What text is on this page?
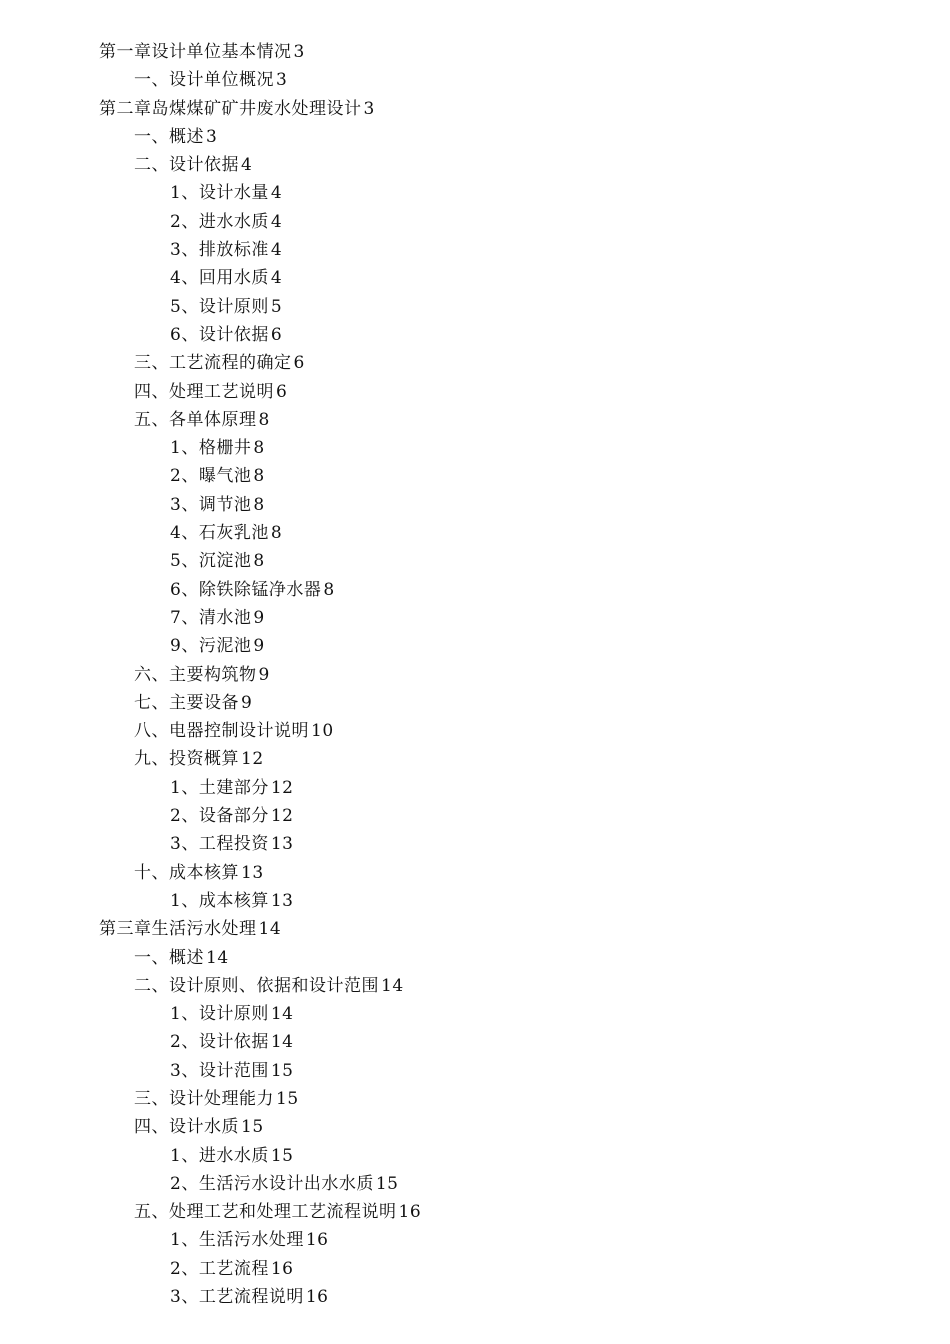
第一章设计单位基本情况 3
一、设计单位概况 3
第二章岛煤煤矿矿井废水处理设计 3
一、概述 3
二、设计依据 4
1、设计水量 4
2、进水水质 4
3、排放标准 4
4、回用水质 4
5、设计原则 5
6、设计依据 6
三、工艺流程的确定 6
四、处理工艺说明 6
五、各单体原理 8
1、格栅井 8
2、曝气池 8
3、调节池 8
4、石灰乳池 8
5、沉淀池 8
6、除铁除锰净水器 8
7、清水池 9
9、污泥池 9
六、主要构筑物 9
七、主要设备 9
八、电器控制设计说明 10
九、投资概算 12
1、土建部分 12
2、设备部分 12
3、工程投资 13
十、成本核算 13
1、成本核算 13
第三章生活污水处理 14
一、概述 14
二、设计原则、依据和设计范围 14
1、设计原则 14
2、设计依据 14
3、设计范围 15
三、设计处理能力 15
四、设计水质 15
1、进水水质 15
2、生活污水设计出水水质 15
五、处理工艺和处理工艺流程说明 16
1、生活污水处理 16
2、工艺流程 16
3、工艺流程说明 16
